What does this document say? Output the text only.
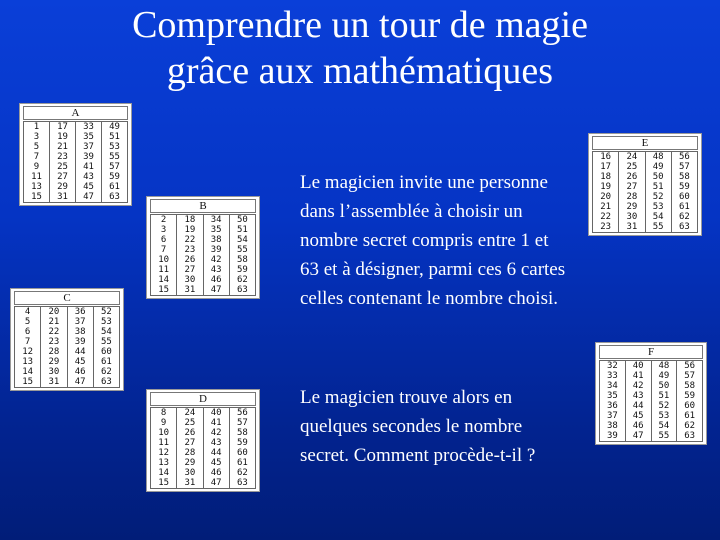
Comprendre un tour de magie
grâce aux mathématiques
A
1	17	33	49
3	19	35	51
5	21	37	53
7	23	39	55
9	25	41	57
11	27	43	59
13	29	45	61
15	31	47	63
B
2	18	34	50
3	19	35	51
6	22	38	54
7	23	39	55
10	26	42	58
11	27	43	59
14	30	46	62
15	31	47	63
C
4	20	36	52
5	21	37	53
6	22	38	54
7	23	39	55
12	28	44	60
13	29	45	61
14	30	46	62
15	31	47	63
D
8	24	40	56
9	25	41	57
10	26	42	58
11	27	43	59
12	28	44	60
13	29	45	61
14	30	46	62
15	31	47	63
E
16	24	48	56
17	25	49	57
18	26	50	58
19	27	51	59
20	28	52	60
21	29	53	61
22	30	54	62
23	31	55	63
F
32	40	48	56
33	41	49	57
34	42	50	58
35	43	51	59
36	44	52	60
37	45	53	61
38	46	54	62
39	47	55	63

Le magicien invite une personne dans l’assemblée à choisir un nombre secret compris entre 1 et 63 et à désigner, parmi ces 6 cartes celles contenant le nombre choisi.

Le magicien trouve alors en quelques secondes le nombre secret. Comment procède-t-il ?
